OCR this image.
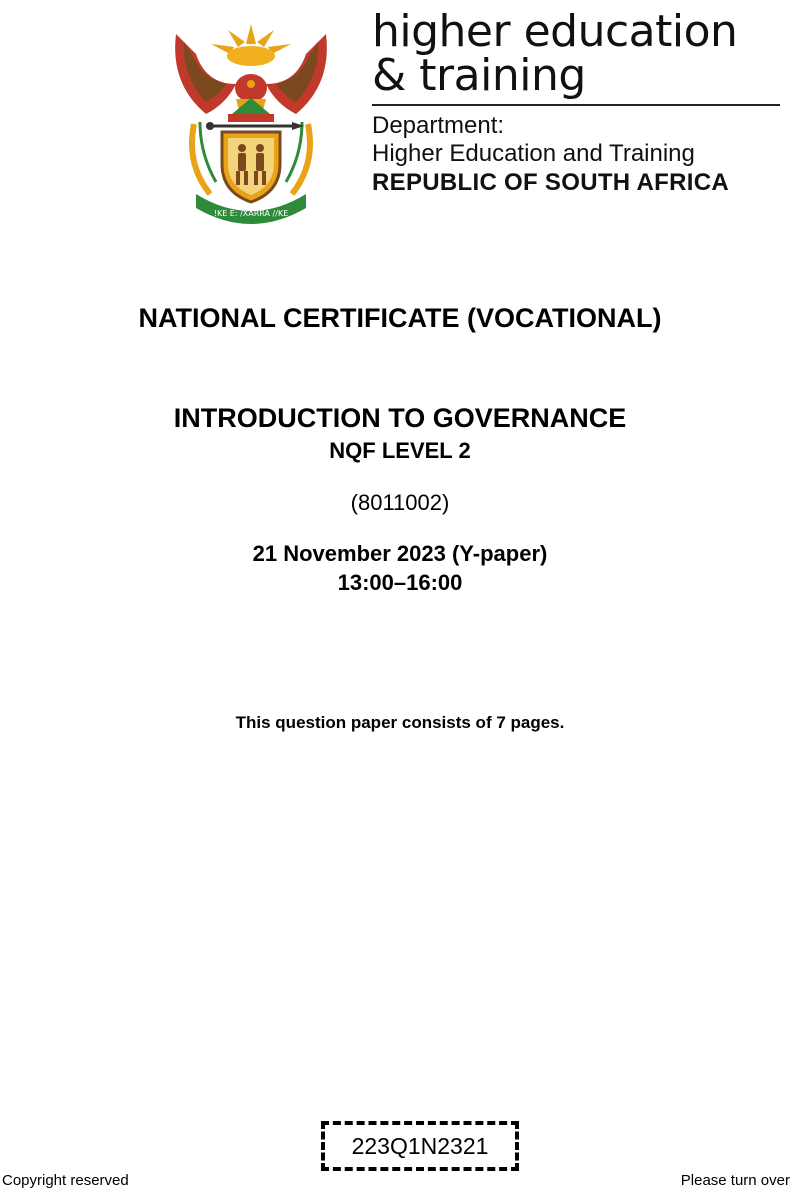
!KE E: /XARRA //KE
higher education
& training
Department:
Higher Education and Training
REPUBLIC OF SOUTH AFRICA
NATIONAL CERTIFICATE (VOCATIONAL)
INTRODUCTION TO GOVERNANCE
NQF LEVEL 2
(8011002)
21 November 2023 (Y-paper)
13:00–16:00
This question paper consists of 7 pages.
223Q1N2321
Copyright reserved	Please turn over
